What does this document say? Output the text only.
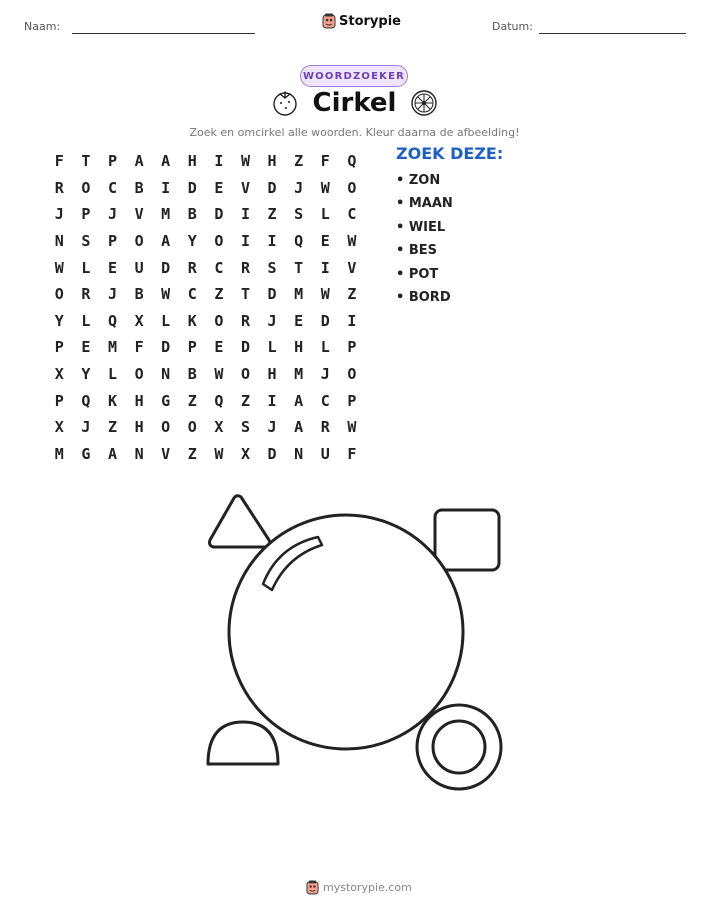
Naam:	Storypie	Datum:
WOORDZOEKER
Cirkel
Zoek en omcirkel alle woorden. Kleur daarna de afbeelding!
F	T	P	A	A	H	I	W	H	Z	F	Q
R	O	C	B	I	D	E	V	D	J	W	O
J	P	J	V	M	B	D	I	Z	S	L	C
N	S	P	O	A	Y	O	I	I	Q	E	W
W	L	E	U	D	R	C	R	S	T	I	V
O	R	J	B	W	C	Z	T	D	M	W	Z
Y	L	Q	X	L	K	O	R	J	E	D	I
P	E	M	F	D	P	E	D	L	H	L	P
X	Y	L	O	N	B	W	O	H	M	J	O
P	Q	K	H	G	Z	Q	Z	I	A	C	P
X	J	Z	H	O	O	X	S	J	A	R	W
M	G	A	N	V	Z	W	X	D	N	U	F
ZOEK DEZE:
• ZON
• MAAN
• WIEL
• BES
• POT
• BORD
mystorypie.com
